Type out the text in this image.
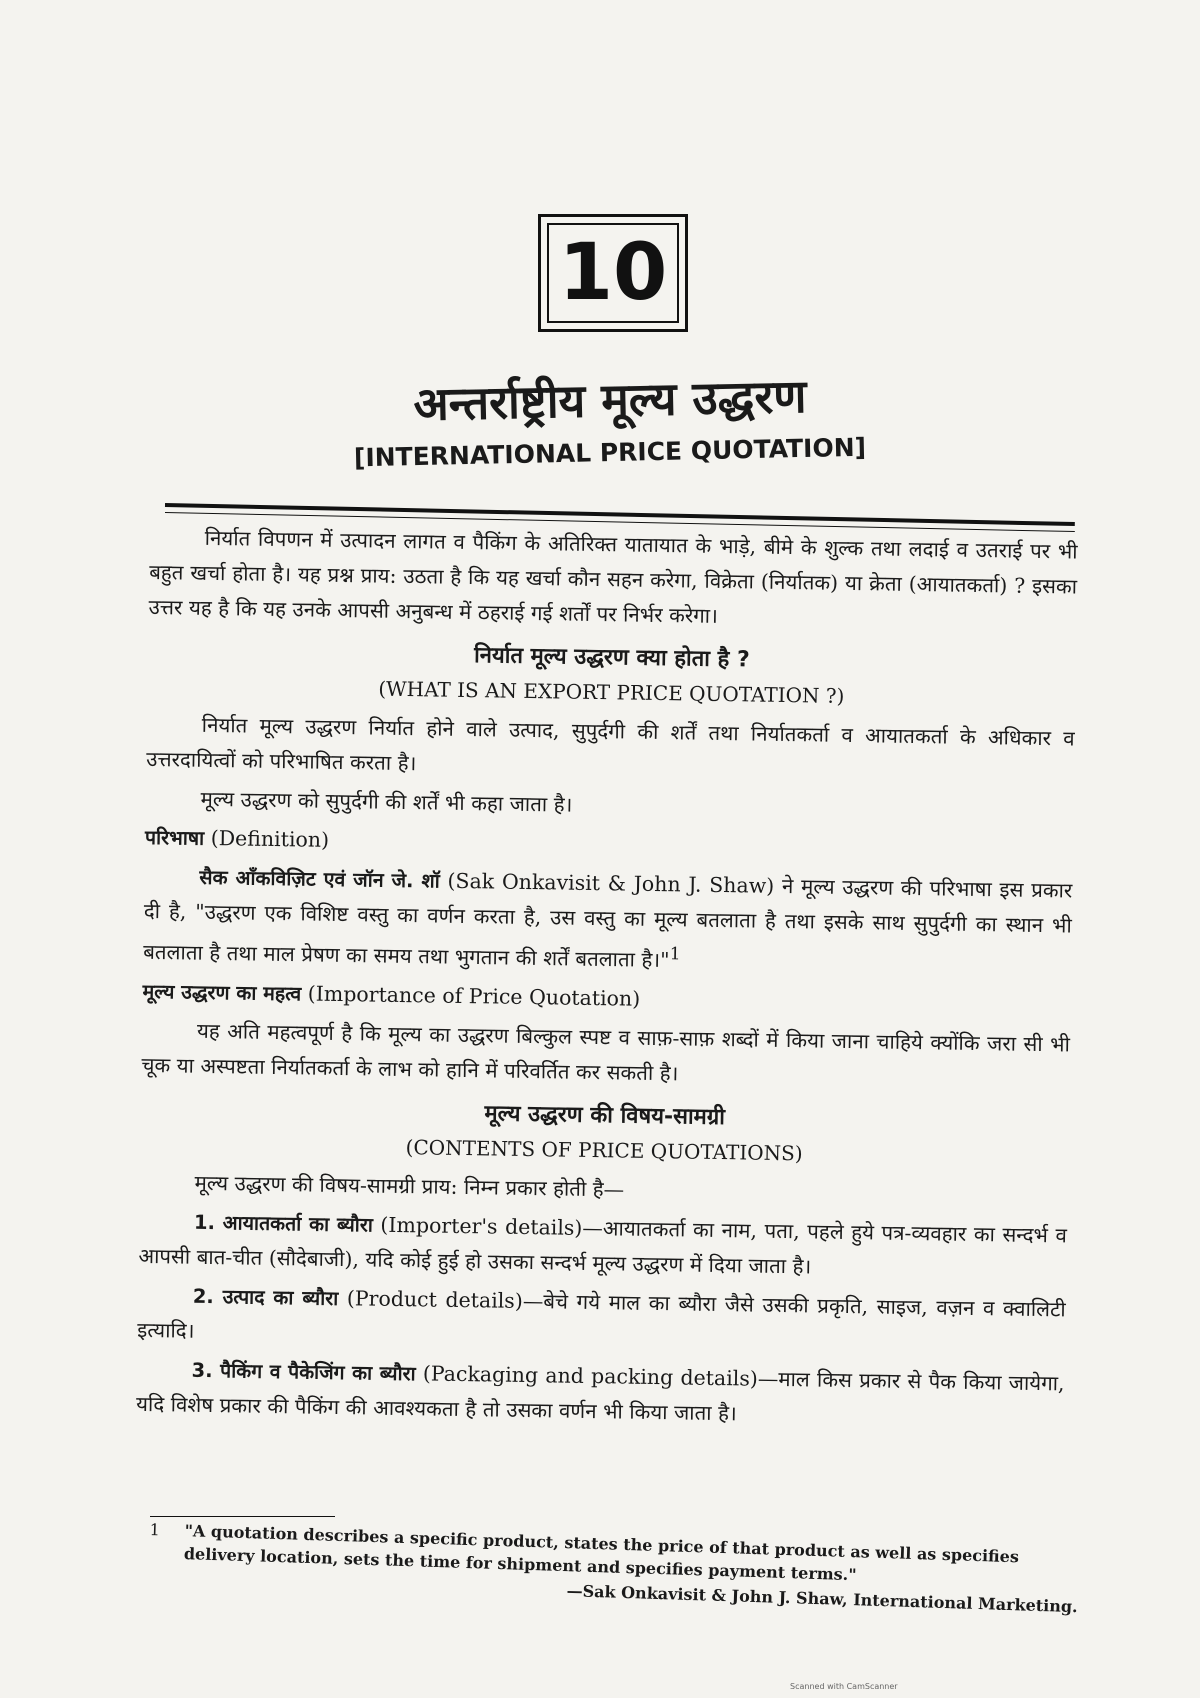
10
अन्तर्राष्ट्रीय मूल्य उद्धरण
[INTERNATIONAL PRICE QUOTATION]

निर्यात विपणन में उत्पादन लागत व पैकिंग के अतिरिक्त यातायात के भाड़े, बीमे के शुल्क तथा लदाई व उतराई पर भी बहुत खर्चा होता है। यह प्रश्न प्राय: उठता है कि यह खर्चा कौन सहन करेगा, विक्रेता (निर्यातक) या क्रेता (आयातकर्ता) ? इसका उत्तर यह है कि यह उनके आपसी अनुबन्ध में ठहराई गई शर्तों पर निर्भर करेगा।

निर्यात मूल्य उद्धरण क्या होता है ?
(WHAT IS AN EXPORT PRICE QUOTATION ?)

निर्यात मूल्य उद्धरण निर्यात होने वाले उत्पाद, सुपुर्दगी की शर्तें तथा निर्यातकर्ता व आयातकर्ता के अधिकार व उत्तरदायित्वों को परिभाषित करता है।

मूल्य उद्धरण को सुपुर्दगी की शर्तें भी कहा जाता है।

परिभाषा (Definition)

सैक ऑंकविज़िट एवं जॉन जे. शॉ (Sak Onkavisit & John J. Shaw) ने मूल्य उद्धरण की परिभाषा इस प्रकार दी है, "उद्धरण एक विशिष्ट वस्तु का वर्णन करता है, उस वस्तु का मूल्य बतलाता है तथा इसके साथ सुपुर्दगी का स्थान भी बतलाता है तथा माल प्रेषण का समय तथा भुगतान की शर्तें बतलाता है।"$^1$

मूल्य उद्धरण का महत्व (Importance of Price Quotation)

यह अति महत्वपूर्ण है कि मूल्य का उद्धरण बिल्कुल स्पष्ट व साफ़-साफ़ शब्दों में किया जाना चाहिये क्योंकि जरा सी भी चूक या अस्पष्टता निर्यातकर्ता के लाभ को हानि में परिवर्तित कर सकती है।

मूल्य उद्धरण की विषय-सामग्री
(CONTENTS OF PRICE QUOTATIONS)

मूल्य उद्धरण की विषय-सामग्री प्राय: निम्न प्रकार होती है—

1. आयातकर्ता का ब्यौरा (Importer's details)—आयातकर्ता का नाम, पता, पहले हुये पत्र-व्यवहार का सन्दर्भ व आपसी बात-चीत (सौदेबाजी), यदि कोई हुई हो उसका सन्दर्भ मूल्य उद्धरण में दिया जाता है।

2. उत्पाद का ब्यौरा (Product details)—बेचे गये माल का ब्यौरा जैसे उसकी प्रकृति, साइज, वज़न व क्वालिटी इत्यादि।

3. पैकिंग व पैकेजिंग का ब्यौरा (Packaging and packing details)—माल किस प्रकार से पैक किया जायेगा, यदि विशेष प्रकार की पैकिंग की आवश्यकता है तो उसका वर्णन भी किया जाता है।

1 "A quotation describes a specific product, states the price of that product as well as specifies delivery location, sets the time for shipment and specifies payment terms."
—Sak Onkavisit & John J. Shaw, International Marketing.
Scanned with CamScanner
